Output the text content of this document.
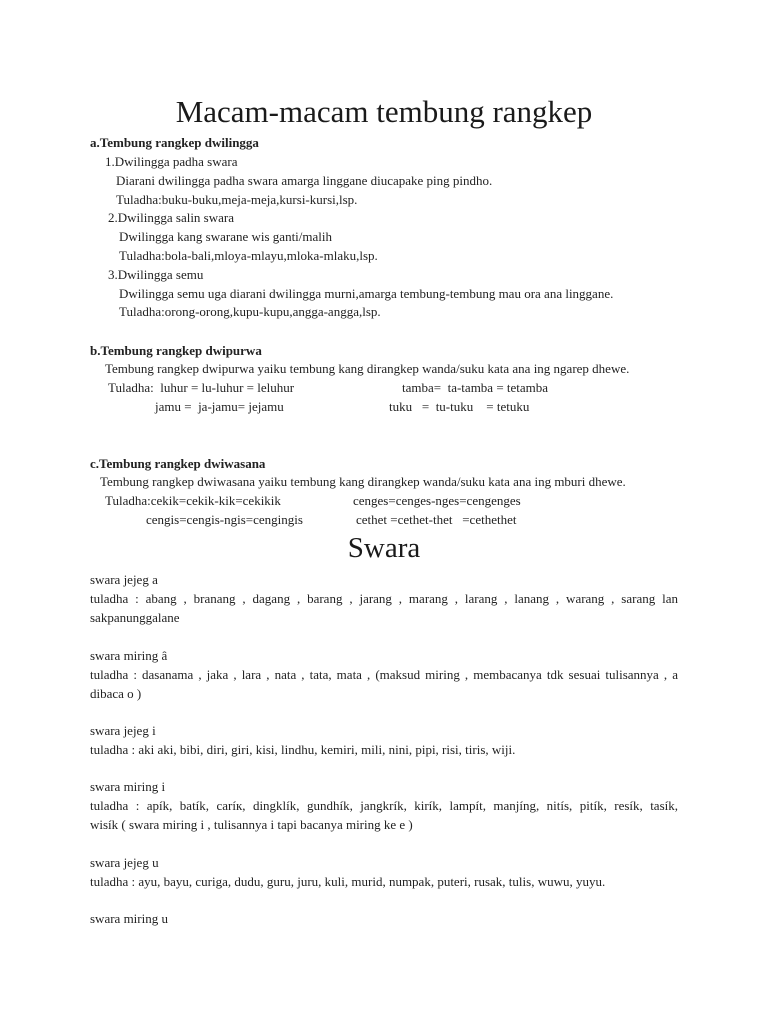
Macam-macam tembung rangkep
a.Tembung rangkep dwilingga
1.Dwilingga padha swara
Diarani dwilingga padha swara amarga linggane diucapake ping pindho.
Tuladha:buku-buku,meja-meja,kursi-kursi,lsp.
2.Dwilingga salin swara
Dwilingga kang swarane wis ganti/malih
Tuladha:bola-bali,mloya-mlayu,mloka-mlaku,lsp.
3.Dwilingga semu
Dwilingga semu uga diarani dwilingga murni,amarga tembung-tembung mau ora ana linggane.
Tuladha:orong-orong,kupu-kupu,angga-angga,lsp.
b.Tembung rangkep dwipurwa
Tembung rangkep dwipurwa yaiku tembung kang dirangkep wanda/suku kata ana ing ngarep dhewe.
Tuladha:  luhur = lu-luhur = leluhur	tamba=  ta-tamba = tetamba
jamu =  ja-jamu= jejamu	tuku   =  tu-tuku    = tetuku
c.Tembung rangkep dwiwasana
Tembung rangkep dwiwasana yaiku tembung kang dirangkep wanda/suku kata ana ing mburi dhewe.
Tuladha:cekik=cekik-kik=cekikik	cenges=cenges-nges=cengenges
cengis=cengis-ngis=cengingis	cethet =cethet-thet   =cethethet
Swara
swara jejeg a
tuladha : abang , branang , dagang , barang , jarang , marang , larang , lanang , warang , sarang lan
sakpanunggalane
swara miring â
tuladha : dasanama , jaka , lara , nata , tata, mata , (maksud miring , membacanya tdk sesuai tulisannya , a
dibaca o )
swara jejeg i
tuladha : aki aki, bibi, diri, giri, kisi, lindhu, kemiri, mili, nini, pipi, risi, tiris, wiji.
swara miring i
tuladha : apík, batík, caríк, dingklík, gundhík, jangkrík, kirík, lampít, manjíng, nitís, pitík, resík, tasík,
wisík ( swara miring i , tulisannya i tapi bacanya miring ke e )
swara jejeg u
tuladha : ayu, bayu, curiga, dudu, guru, juru, kuli, murid, numpak, puteri, rusak, tulis, wuwu, yuyu.
swara miring u
